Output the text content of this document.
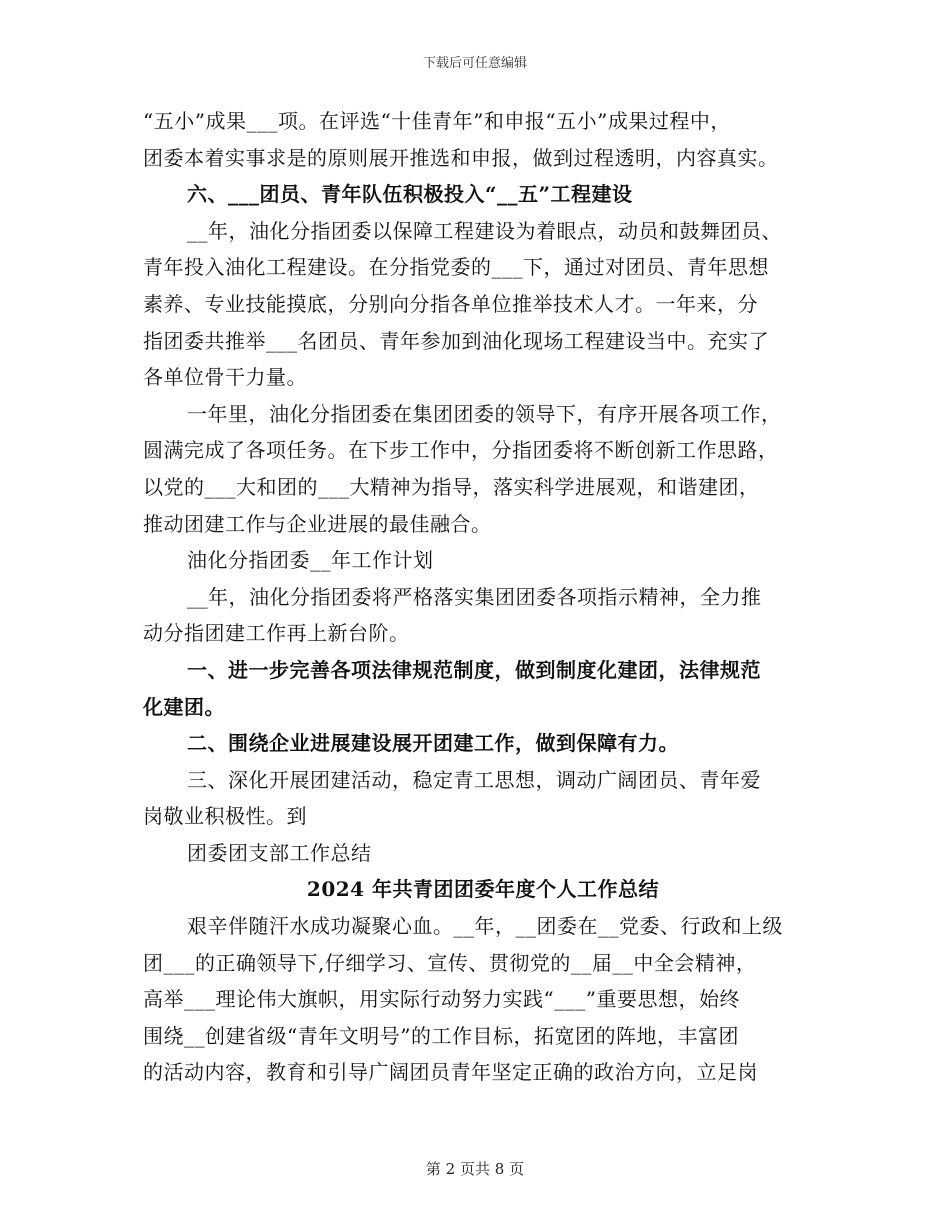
下载后可任意编辑
“五小”成果___项。在评选“十佳青年”和申报“五小”成果过程中，
团委本着实事求是的原则展开推选和申报，做到过程透明，内容真实。
六、___团员、青年队伍积极投入“__五”工程建设
__年，油化分指团委以保障工程建设为着眼点，动员和鼓舞团员、
青年投入油化工程建设。在分指党委的___下，通过对团员、青年思想
素养、专业技能摸底，分别向分指各单位推举技术人才。一年来，分
指团委共推举___名团员、青年参加到油化现场工程建设当中。充实了
各单位骨干力量。
一年里，油化分指团委在集团团委的领导下，有序开展各项工作，
圆满完成了各项任务。在下步工作中，分指团委将不断创新工作思路，
以党的___大和团的___大精神为指导，落实科学进展观，和谐建团，
推动团建工作与企业进展的最佳融合。
油化分指团委__年工作计划
__年，油化分指团委将严格落实集团团委各项指示精神，全力推
动分指团建工作再上新台阶。
一、进一步完善各项法律规范制度，做到制度化建团，法律规范
化建团。
二、围绕企业进展建设展开团建工作，做到保障有力。
三、深化开展团建活动，稳定青工思想，调动广阔团员、青年爱
岗敬业积极性。到
团委团支部工作总结
2024 年共青团团委年度个人工作总结
艰辛伴随汗水成功凝聚心血。__年，__团委在__党委、行政和上级
团___的正确领导下,仔细学习、宣传、贯彻党的__届__中全会精神，
高举___理论伟大旗帜，用实际行动努力实践“___”重要思想，始终
围绕__创建省级“青年文明号”的工作目标，拓宽团的阵地，丰富团
的活动内容，教育和引导广阔团员青年坚定正确的政治方向，立足岗
第 2 页共 8 页
